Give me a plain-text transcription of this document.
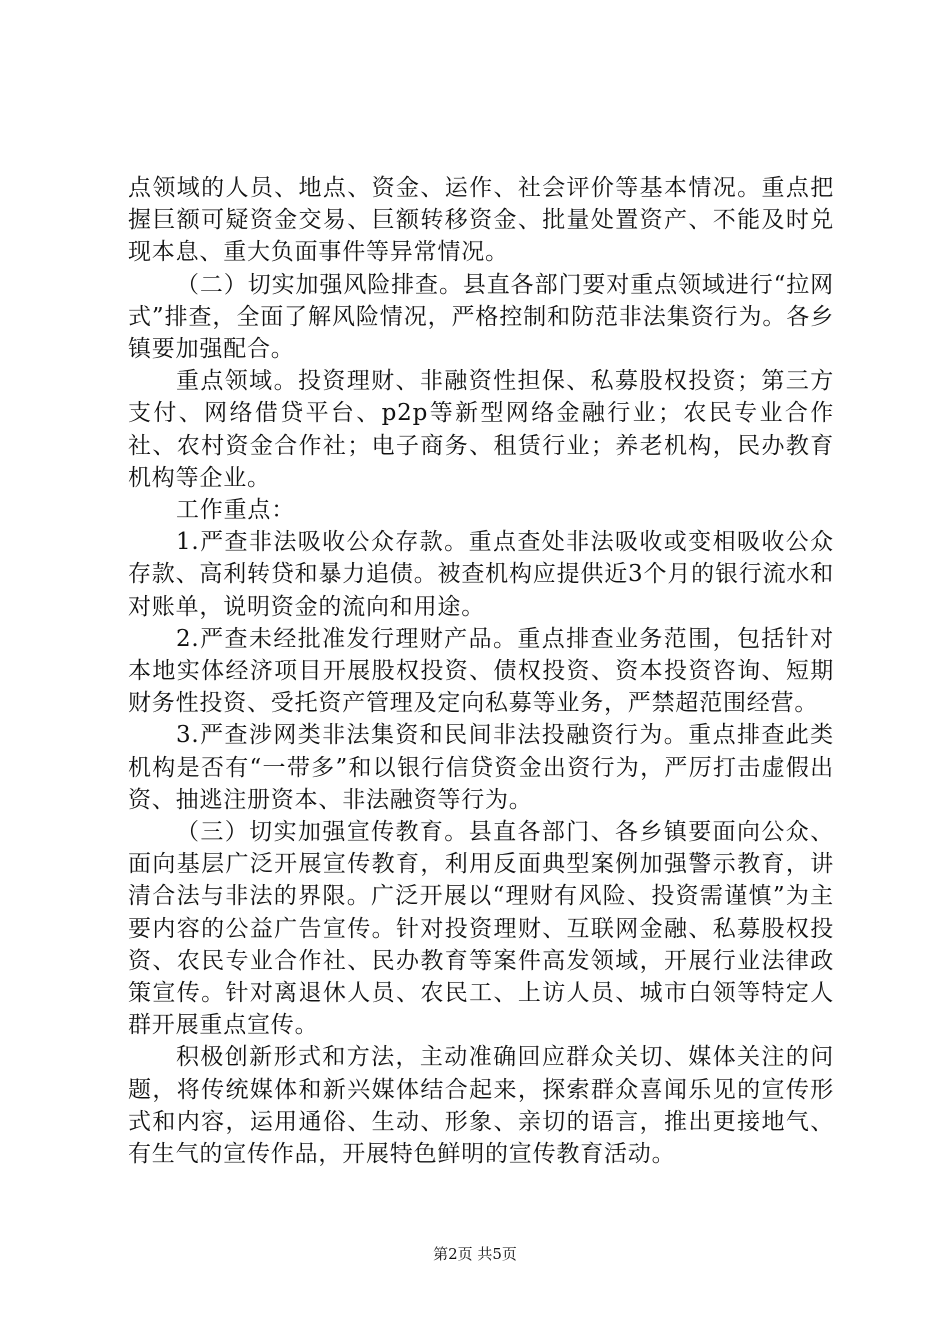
点领域的人员、地点、资金、运作、社会评价等基本情况。重点把握巨额可疑资金交易、巨额转移资金、批量处置资产、不能及时兑现本息、重大负面事件等异常情况。

（二）切实加强风险排查。县直各部门要对重点领域进行“拉网式”排查，全面了解风险情况，严格控制和防范非法集资行为。各乡镇要加强配合。

重点领域。投资理财、非融资性担保、私募股权投资；第三方支付、网络借贷平台、p2p等新型网络金融行业；农民专业合作社、农村资金合作社；电子商务、租赁行业；养老机构，民办教育机构等企业。

工作重点：

1.严查非法吸收公众存款。重点查处非法吸收或变相吸收公众存款、高利转贷和暴力追债。被查机构应提供近3个月的银行流水和对账单，说明资金的流向和用途。

2.严查未经批准发行理财产品。重点排查业务范围，包括针对本地实体经济项目开展股权投资、债权投资、资本投资咨询、短期财务性投资、受托资产管理及定向私募等业务，严禁超范围经营。

3.严查涉网类非法集资和民间非法投融资行为。重点排查此类机构是否有“一带多”和以银行信贷资金出资行为，严厉打击虚假出资、抽逃注册资本、非法融资等行为。

（三）切实加强宣传教育。县直各部门、各乡镇要面向公众、面向基层广泛开展宣传教育，利用反面典型案例加强警示教育，讲清合法与非法的界限。广泛开展以“理财有风险、投资需谨慎”为主要内容的公益广告宣传。针对投资理财、互联网金融、私募股权投资、农民专业合作社、民办教育等案件高发领域，开展行业法律政策宣传。针对离退休人员、农民工、上访人员、城市白领等特定人群开展重点宣传。

积极创新形式和方法，主动准确回应群众关切、媒体关注的问题，将传统媒体和新兴媒体结合起来，探索群众喜闻乐见的宣传形式和内容，运用通俗、生动、形象、亲切的语言，推出更接地气、有生气的宣传作品，开展特色鲜明的宣传教育活动。

第2页 共5页
